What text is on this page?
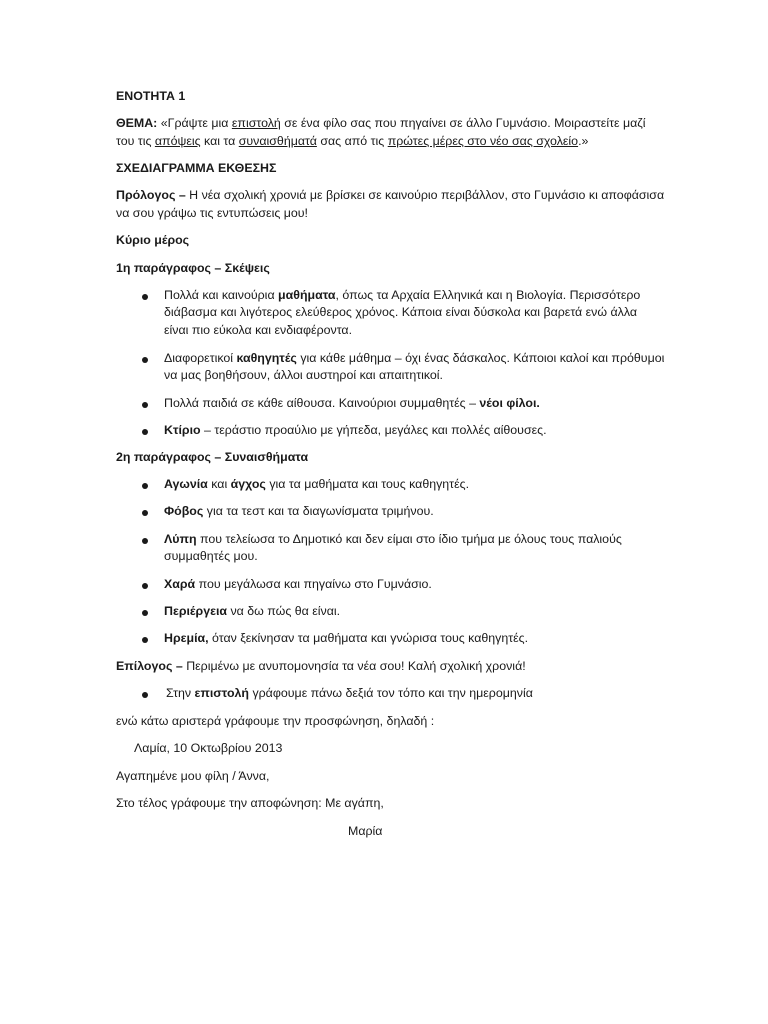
ΕΝΟΤΗΤΑ 1
ΘΕΜΑ: «Γράψτε μια επιστολή σε ένα φίλο σας που πηγαίνει σε άλλο Γυμνάσιο. Μοιραστείτε μαζί
του τις απόψεις και τα συναισθήματά σας από τις πρώτες μέρες στο νέο σας σχολείο.»
ΣΧΕΔΙΑΓΡΑΜΜΑ ΕΚΘΕΣΗΣ
Πρόλογος – Η νέα σχολική χρονιά με βρίσκει σε καινούριο περιβάλλον, στο Γυμνάσιο κι αποφάσισα
να σου γράψω τις εντυπώσεις μου!
Κύριο μέρος
1η παράγραφος – Σκέψεις
Πολλά και καινούρια μαθήματα, όπως τα Αρχαία Ελληνικά και η Βιολογία. Περισσότερο
διάβασμα και λιγότερος ελεύθερος χρόνος. Κάποια είναι δύσκολα και βαρετά ενώ άλλα
είναι πιο εύκολα και ενδιαφέροντα.
Διαφορετικοί καθηγητές για κάθε μάθημα – όχι ένας δάσκαλος. Κάποιοι καλοί και πρόθυμοι
να μας βοηθήσουν, άλλοι αυστηροί και απαιτητικοί.
Πολλά παιδιά σε κάθε αίθουσα. Καινούριοι συμμαθητές – νέοι φίλοι.
Κτίριο – τεράστιο προαύλιο με γήπεδα, μεγάλες και πολλές αίθουσες.
2η παράγραφος – Συναισθήματα
Αγωνία και άγχος για τα μαθήματα και τους καθηγητές.
Φόβος για τα τεστ και τα διαγωνίσματα τριμήνου.
Λύπη που τελείωσα το Δημοτικό και δεν είμαι στο ίδιο τμήμα με όλους τους παλιούς
συμμαθητές μου.
Χαρά που μεγάλωσα και πηγαίνω στο Γυμνάσιο.
Περιέργεια να δω πώς θα είναι.
Ηρεμία, όταν ξεκίνησαν τα μαθήματα και γνώρισα τους καθηγητές.
Επίλογος – Περιμένω με ανυπομονησία τα νέα σου! Καλή σχολική χρονιά!
Στην επιστολή γράφουμε πάνω δεξιά τον τόπο και την ημερομηνία
ενώ κάτω αριστερά γράφουμε την προσφώνηση, δηλαδή :
Λαμία, 10 Οκτωβρίου 2013
Αγαπημένε μου φίλη / Άννα,
Στο τέλος γράφουμε την αποφώνηση: Με αγάπη,
Μαρία
